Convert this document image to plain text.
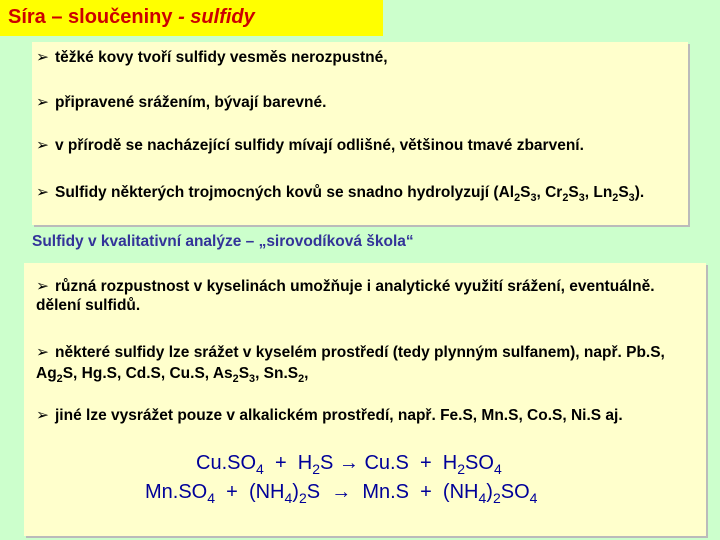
Síra – sloučeniny - sulfidy
➢ těžké kovy tvoří sulfidy vesměs nerozpustné,
➢ připravené srážením, bývají barevné.
➢ v přírodě se nacházející sulfidy mívají odlišné, většinou tmavé zbarvení.
➢ Sulfidy některých trojmocných kovů se snadno hydrolyzují ($Al_2S_3$, $Cr_2S_3$, $Ln_2S_3$).
Sulfidy v kvalitativní analýze – „sirovodíková škola“
➢ různá rozpustnost v kyselinách umožňuje i analytické využití srážení, eventuálně. dělení sulfidů.
➢ některé sulfidy lze srážet v kyselém prostředí (tedy plynným sulfanem), např. Pb.S, $Ag_2S$, Hg.S, Cd.S, Cu.S, $As_2S_3$, $Sn.S_2$,
➢ jiné lze vysrážet pouze v alkalickém prostředí, např. Fe.S, Mn.S, Co.S, Ni.S aj.
$Cu.SO_4 + H_2S \to Cu.S + H_2SO_4$
$Mn.SO_4 + (NH_4)_2S \to Mn.S + (NH_4)_2SO_4$
